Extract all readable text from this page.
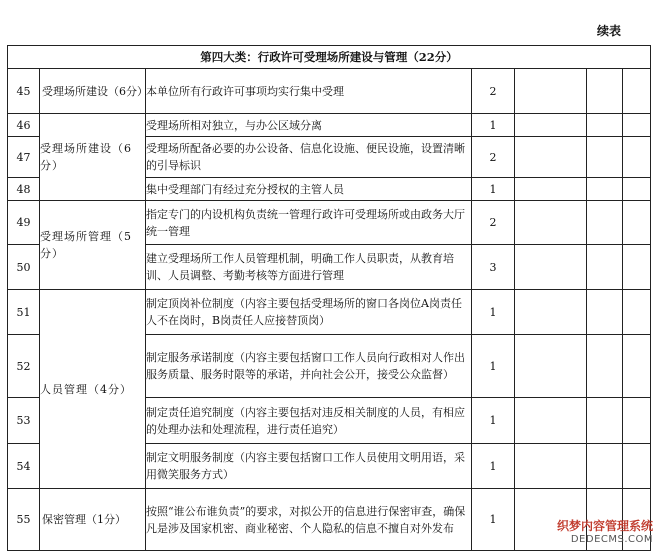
续表
第四大类：行政许可受理场所建设与管理（22分）						
45	受理场所建设（6分）	本单位所有行政许可事项均实行集中受理	2			
46	受理场所建设（6分）	受理场所相对独立，与办公区域分离	1			
47		受理场所配备必要的办公设备、信息化设施、便民设施，设置清晰的引导标识	2			
48		集中受理部门有经过充分授权的主管人员	1			
49	受理场所管理（5分）	指定专门的内设机构负责统一管理行政许可受理场所或由政务大厅统一管理	2			
50		建立受理场所工作人员管理机制，明确工作人员职责，从教育培训、人员调整、考勤考核等方面进行管理	3			
51	人员管理（4分）	制定顶岗补位制度（内容主要包括受理场所的窗口各岗位A岗责任人不在岗时，B岗责任人应接替顶岗）	1			
52		制定服务承诺制度（内容主要包括窗口工作人员向行政相对人作出服务质量、服务时限等的承诺，并向社会公开，接受公众监督）	1			
53		制定责任追究制度（内容主要包括对违反相关制度的人员，有相应的处理办法和处理流程，进行责任追究）	1			
54		制定文明服务制度（内容主要包括窗口工作人员使用文明用语，采用微笑服务方式）	1			
55	保密管理（1分）	按照“谁公布谁负责”的要求，对拟公开的信息进行保密审查，确保凡是涉及国家机密、商业秘密、个人隐私的信息不擅自对外发布	1				织梦内容管理系统
DEDECMS.COM
